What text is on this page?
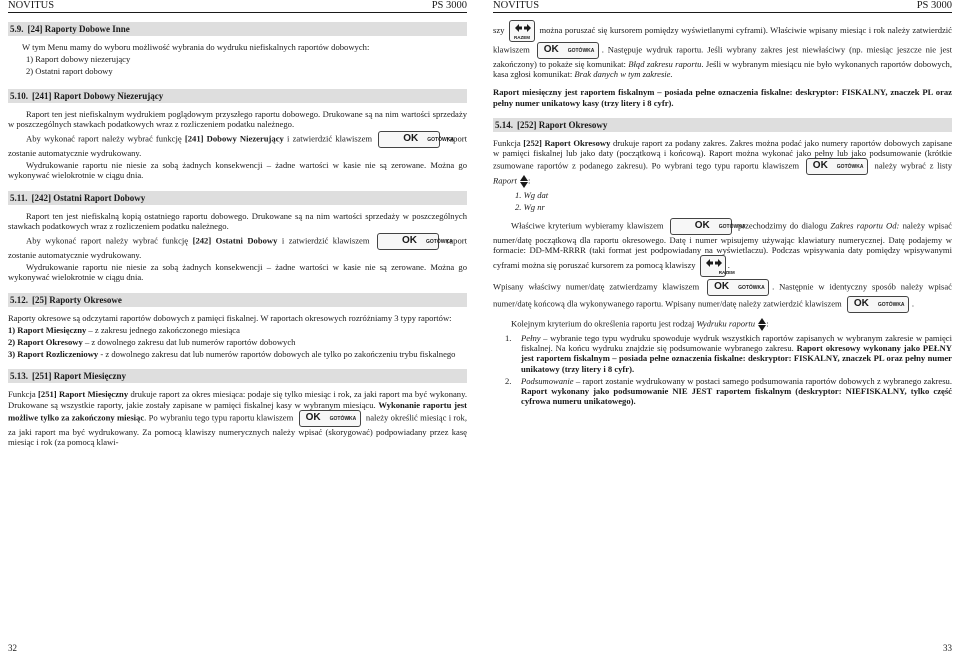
NOVITUS	PS 3000
5.9. [24] Raporty Dobowe Inne

W tym Menu mamy do wyboru możliwość wybrania do wydruku niefiskalnych raportów dobowych:

1) Raport dobowy niezerujący

2) Ostatni raport dobowy

5.10. [241] Raport Dobowy Niezerujący

Raport ten jest niefiskalnym wydrukiem poglądowym przyszłego raportu dobowego. Drukowane są na nim wartości sprzedaży w poszczególnych stawkach podatkowych wraz z rozliczeniem podatku należnego.

Aby wykonać raport należy wybrać funkcję [241] Dobowy Niezerujący i zatwierdzić klawiszem	OK	GOTÓWKA
raport zostanie automatycznie wydrukowany.

Wydrukowanie raportu nie niesie za sobą żadnych konsekwencji – żadne wartości w kasie nie są zerowane. Można go wykonywać wielokrotnie w ciągu dnia.

5.11. [242] Ostatni Raport Dobowy

Raport ten jest niefiskalną kopią ostatniego raportu dobowego. Drukowane są na nim wartości sprzedaży w poszczególnych stawkach podatkowych wraz z rozliczeniem podatku należnego.

Aby wykonać raport należy wybrać funkcję [242] Ostatni Dobowy i zatwierdzić klawiszem	OK	GOTÓWKA
raport zostanie automatycznie wydrukowany.

Wydrukowanie raportu nie niesie za sobą żadnych konsekwencji – żadne wartości w kasie nie są zerowane. Można go wykonywać wielokrotnie w ciągu dnia.

5.12. [25] Raporty Okresowe

Raporty okresowe są odczytami raportów dobowych z pamięci fiskalnej. W raportach okresowych rozróżniamy 3 typy raportów:

1) Raport Miesięczny – z zakresu jednego zakończonego miesiąca

2) Raport Okresowy – z dowolnego zakresu dat lub numerów raportów dobowych

3) Raport Rozliczeniowy - z dowolnego zakresu dat lub numerów raportów dobowych ale tylko po zakończeniu trybu fiskalnego

5.13. [251] Raport Miesięczny

Funkcja [251] Raport Miesięczny drukuje raport za okres miesiąca: podaje się tylko miesiąc i rok, za jaki raport ma być wykonany. Drukowane są wszystkie raporty, jakie zostały zapisane w pamięci fiskalnej kasy w wybranym miesiącu. Wykonanie raportu jest możliwe tylko za zakończony miesiąc. Po wybraniu tego typu raportu klawiszem OK GOTÓWKA należy określić miesiąc i rok, za jaki raport ma być wydrukowany. Za pomocą klawiszy numerycznych należy wpisać (skorygować) podpowiadany przez kasę miesiąc i rok (za pomocą klawi-

32
NOVITUS	PS 3000

szy
RAZEM
można poruszać się kursorem pomiędzy wyświetlanymi cyframi). Właściwie wpisany miesiąc i rok należy zatwierdzić klawiszem OK GOTÓWKA . Następuje wydruk raportu. Jeśli wybrany zakres jest niewłaściwy (np. miesiąc jeszcze nie jest zakończony) to pokaże się komunikat: Błąd zakresu raportu. Jeśli w wybranym miesiącu nie było wykonanych raportów dobowych, kasa zgłosi komunikat: Brak danych w tym zakresie.

Raport miesięczny jest raportem fiskalnym – posiada pełne oznaczenia fiskalne: deskryptor: FISKALNY, znaczek PL oraz pełny numer unikatowy kasy (trzy litery i 8 cyfr).

5.14. [252] Raport Okresowy

Funkcja [252] Raport Okresowy drukuje raport za podany zakres. Zakres można podać jako numery raportów dobowych zapisane w pamięci fiskalnej lub jako daty (początkową i końcową). Raport można wykonać jako pełny lub jako podsumowanie (krótkie zsumowane raportów z podanego zakresu). Po wybrani tego typu raportu klawiszem OK GOTÓWKA należy wybrać z listy Raport :

1. Wg dat

2. Wg nr

Właściwe kryterium wybieramy klawiszem	OK	GOTÓWKA
przechodzimy do dialogu Zakres raportu Od: należy wpisać numer/datę początkową dla raportu okresowego. Datę i numer wpisujemy używając klawiatury numerycznej. Datę podajemy w formacie: DD-MM-RRRR (taki format jest podpowiadany na wyświetlaczu). Podczas wpisywania daty pomiędzy wpisywanymi cyframi można się poruszać kursorem za pomocą klawiszy
RAZEM
.

Wpisany właściwy numer/datę zatwierdzamy klawiszem OK GOTÓWKA . Następnie w identyczny sposób należy wpisać numer/datę końcową dla wykonywanego raportu. Wpisany numer/datę należy zatwierdzić klawiszem OK GOTÓWKA .

Kolejnym kryterium do określenia raportu jest rodzaj Wydruku raportu :

1. Pełny – wybranie tego typu wydruku spowoduje wydruk wszystkich raportów zapisanych w wybranym zakresie w pamięci fiskalnej. Na końcu wydruku znajdzie się podsumowanie wybranego zakresu. Raport okresowy wykonany jako PEŁNY jest raportem fiskalnym – posiada pełne oznaczenia fiskalne: deskryptor: FISKALNY, znaczek PL oraz pełny numer unikatowy (trzy litery i 8 cyfr).

2. Podsumowanie – raport zostanie wydrukowany w postaci samego podsumowania raportów dobowych z wybranego zakresu. Raport wykonany jako podsumowanie NIE JEST raportem fiskalnym (deskryptor: NIEFISKALNY, tylko część cyfrowa numeru unikatowego).

33
